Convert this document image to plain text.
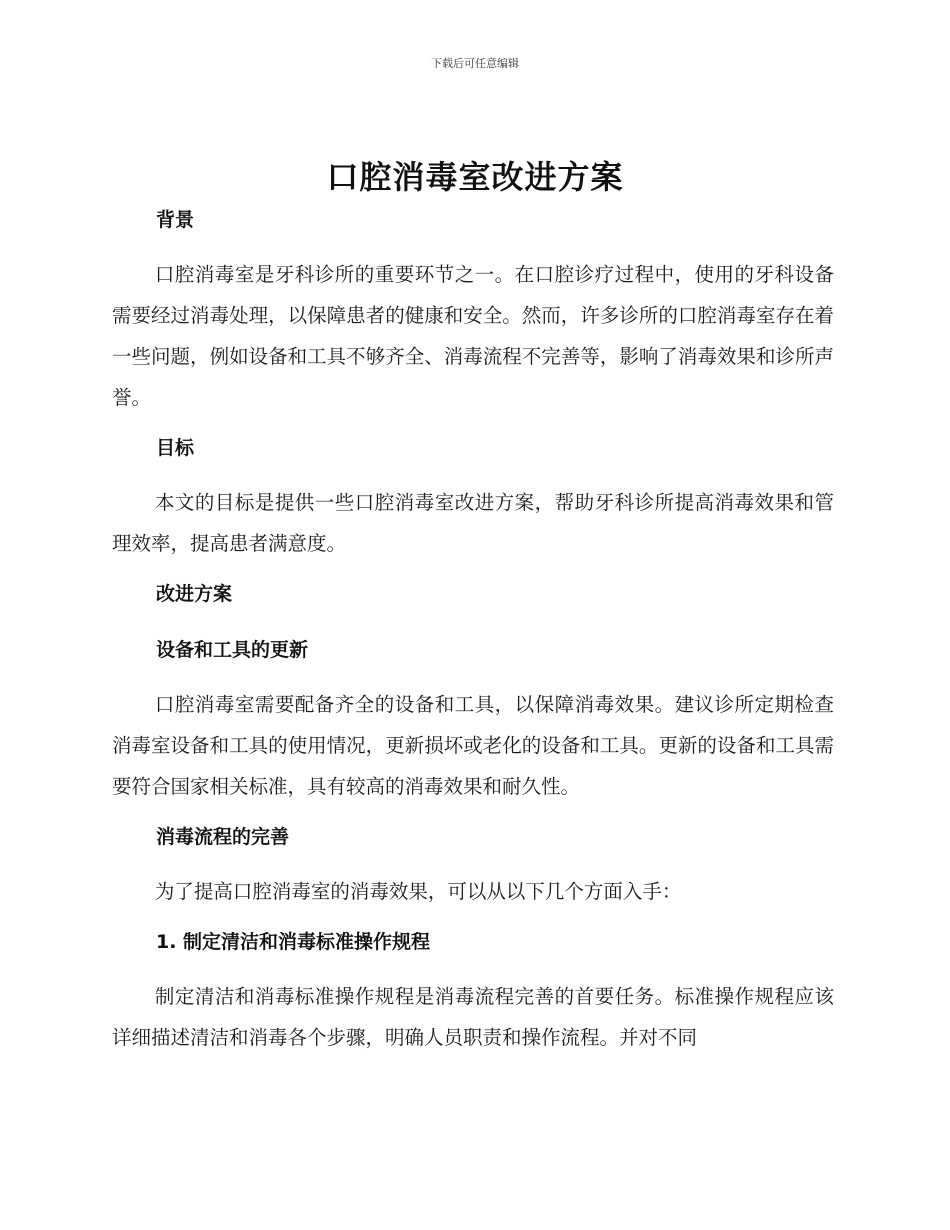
下载后可任意编辑
口腔消毒室改进方案
背景

口腔消毒室是牙科诊所的重要环节之一。在口腔诊疗过程中，使用的牙科设备需要经过消毒处理，以保障患者的健康和安全。然而，许多诊所的口腔消毒室存在着一些问题，例如设备和工具不够齐全、消毒流程不完善等，影响了消毒效果和诊所声誉。

目标

本文的目标是提供一些口腔消毒室改进方案，帮助牙科诊所提高消毒效果和管理效率，提高患者满意度。

改进方案
设备和工具的更新

口腔消毒室需要配备齐全的设备和工具，以保障消毒效果。建议诊所定期检查消毒室设备和工具的使用情况，更新损坏或老化的设备和工具。更新的设备和工具需要符合国家相关标准，具有较高的消毒效果和耐久性。

消毒流程的完善

为了提高口腔消毒室的消毒效果，可以从以下几个方面入手：

1. 制定清洁和消毒标准操作规程

制定清洁和消毒标准操作规程是消毒流程完善的首要任务。标准操作规程应该详细描述清洁和消毒各个步骤，明确人员职责和操作流程。并对不同
